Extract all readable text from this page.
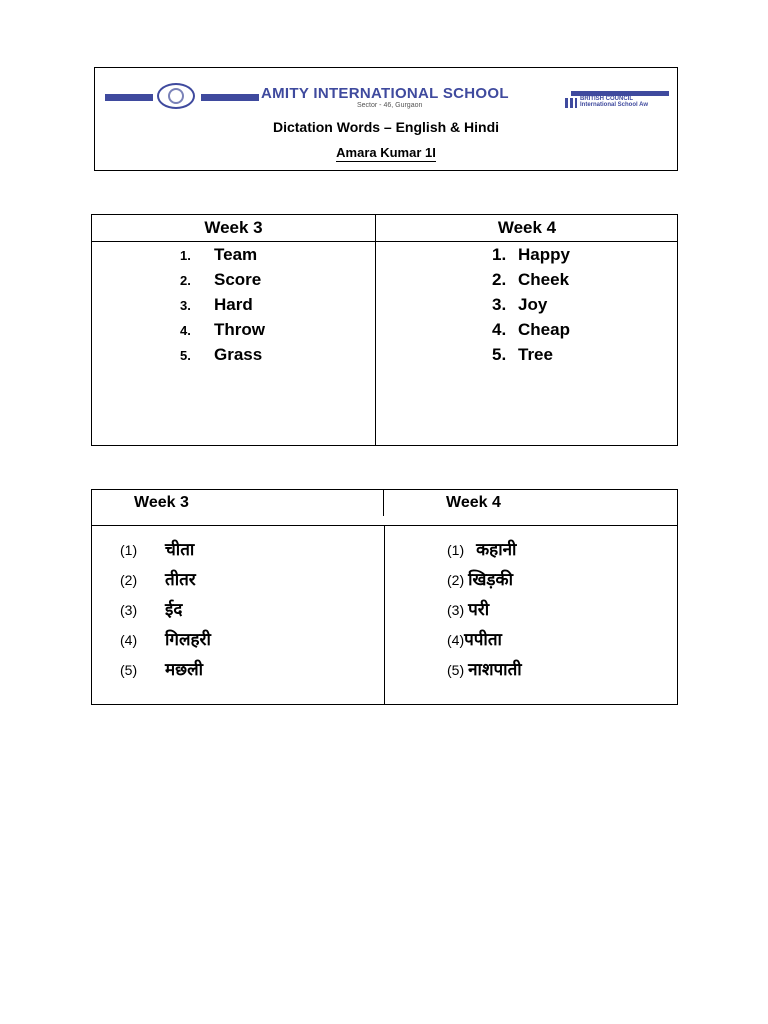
AMITY INTERNATIONAL SCHOOL
Sector - 46, Gurgaon
BRITISH COUNCIL
International School Aw
Dictation Words – English & Hindi
Amara Kumar 1I
Week 3	Week 4
1. Team
2. Score
3. Hard
4. Throw
5. Grass
1. Happy
2. Cheek
3. Joy
4. Cheap
5. Tree
Week 3	Week 4
(1) चीता
(2) तीतर
(3) ईद
(4) गिलहरी
(5) मछली
(1) कहानी
(2) खिड़की
(3) परी
(4)पपीता
(5) नाशपाती
